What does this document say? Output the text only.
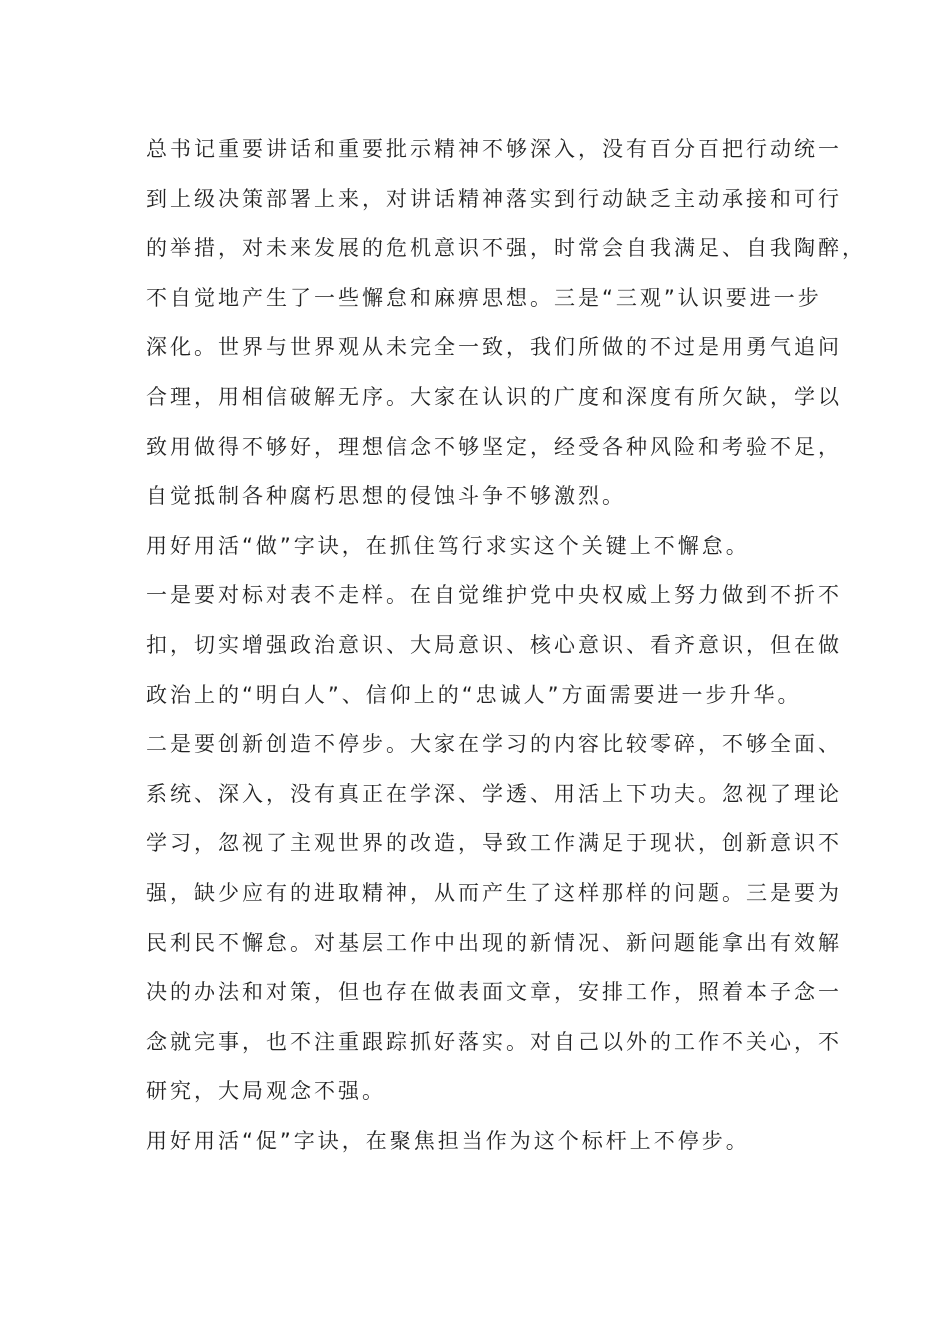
总书记重要讲话和重要批示精神不够深入，没有百分百把行动统一
到上级决策部署上来，对讲话精神落实到行动缺乏主动承接和可行
的举措，对未来发展的危机意识不强，时常会自我满足、自我陶醉，
不自觉地产生了一些懈怠和麻痹思想。三是“三观”认识要进一步
深化。世界与世界观从未完全一致，我们所做的不过是用勇气追问
合理，用相信破解无序。大家在认识的广度和深度有所欠缺，学以
致用做得不够好，理想信念不够坚定，经受各种风险和考验不足，
自觉抵制各种腐朽思想的侵蚀斗争不够激烈。
用好用活“做”字诀，在抓住笃行求实这个关键上不懈怠。
一是要对标对表不走样。在自觉维护党中央权威上努力做到不折不
扣，切实增强政治意识、大局意识、核心意识、看齐意识，但在做
政治上的“明白人”、信仰上的“忠诚人”方面需要进一步升华。
二是要创新创造不停步。大家在学习的内容比较零碎，不够全面、
系统、深入，没有真正在学深、学透、用活上下功夫。忽视了理论
学习，忽视了主观世界的改造，导致工作满足于现状，创新意识不
强，缺少应有的进取精神，从而产生了这样那样的问题。三是要为
民利民不懈怠。对基层工作中出现的新情况、新问题能拿出有效解
决的办法和对策，但也存在做表面文章，安排工作，照着本子念一
念就完事，也不注重跟踪抓好落实。对自己以外的工作不关心，不
研究，大局观念不强。
用好用活“促”字诀，在聚焦担当作为这个标杆上不停步。
